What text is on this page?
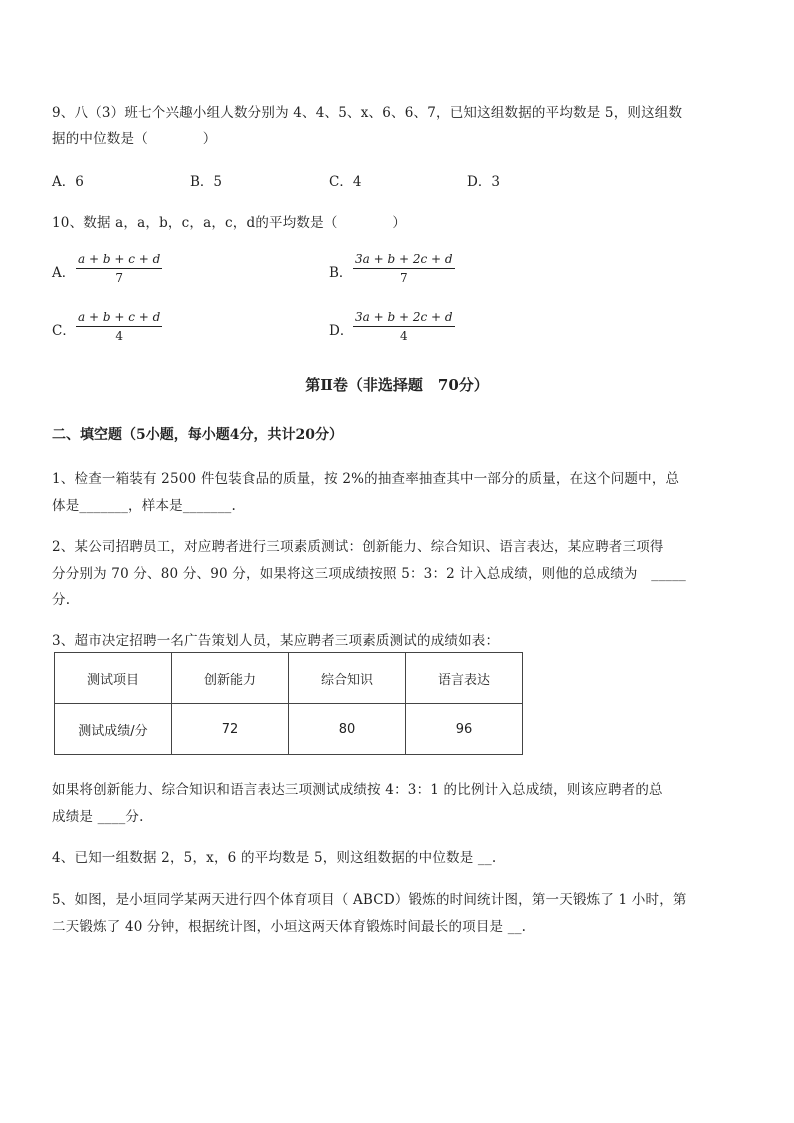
9、八（3）班七个兴趣小组人数分别为 4、4、5、x、6、6、7，已知这组数据的平均数是 5，则这组数
据的中位数是（　　　　）
A．6	B．5	C．4	D．3
10、数据 a，a，b，c，a，c，d的平均数是（　　　　）
A． $\frac{a + b + c + d}{7}$	B． $\frac{3a + b + 2c + d}{7}$
C． $\frac{a + b + c + d}{4}$	D． $\frac{3a + b + 2c + d}{4}$
第Ⅱ卷（非选择题　70分）
二、填空题（5小题，每小题4分，共计20分）
1、检查一箱装有 2500 件包装食品的质量，按 2%的抽查率抽查其中一部分的质量，在这个问题中，总
体是_______，样本是_______.
2、某公司招聘员工，对应聘者进行三项素质测试：创新能力、综合知识、语言表达，某应聘者三项得
分分别为 70 分、80 分、90 分，如果将这三项成绩按照 5：3：2 计入总成绩，则他的总成绩为　_____
分.
3、超市决定招聘一名广告策划人员，某应聘者三项素质测试的成绩如表：
测试项目	创新能力	综合知识	语言表达
测试成绩/分	72	80	96
如果将创新能力、综合知识和语言表达三项测试成绩按 4：3：1 的比例计入总成绩，则该应聘者的总
成绩是 ____分.
4、已知一组数据 2，5，x，6 的平均数是 5，则这组数据的中位数是 __.
5、如图，是小垣同学某两天进行四个体育项目（ ABCD）锻炼的时间统计图，第一天锻炼了 1 小时，第
二天锻炼了 40 分钟，根据统计图，小垣这两天体育锻炼时间最长的项目是 __.
